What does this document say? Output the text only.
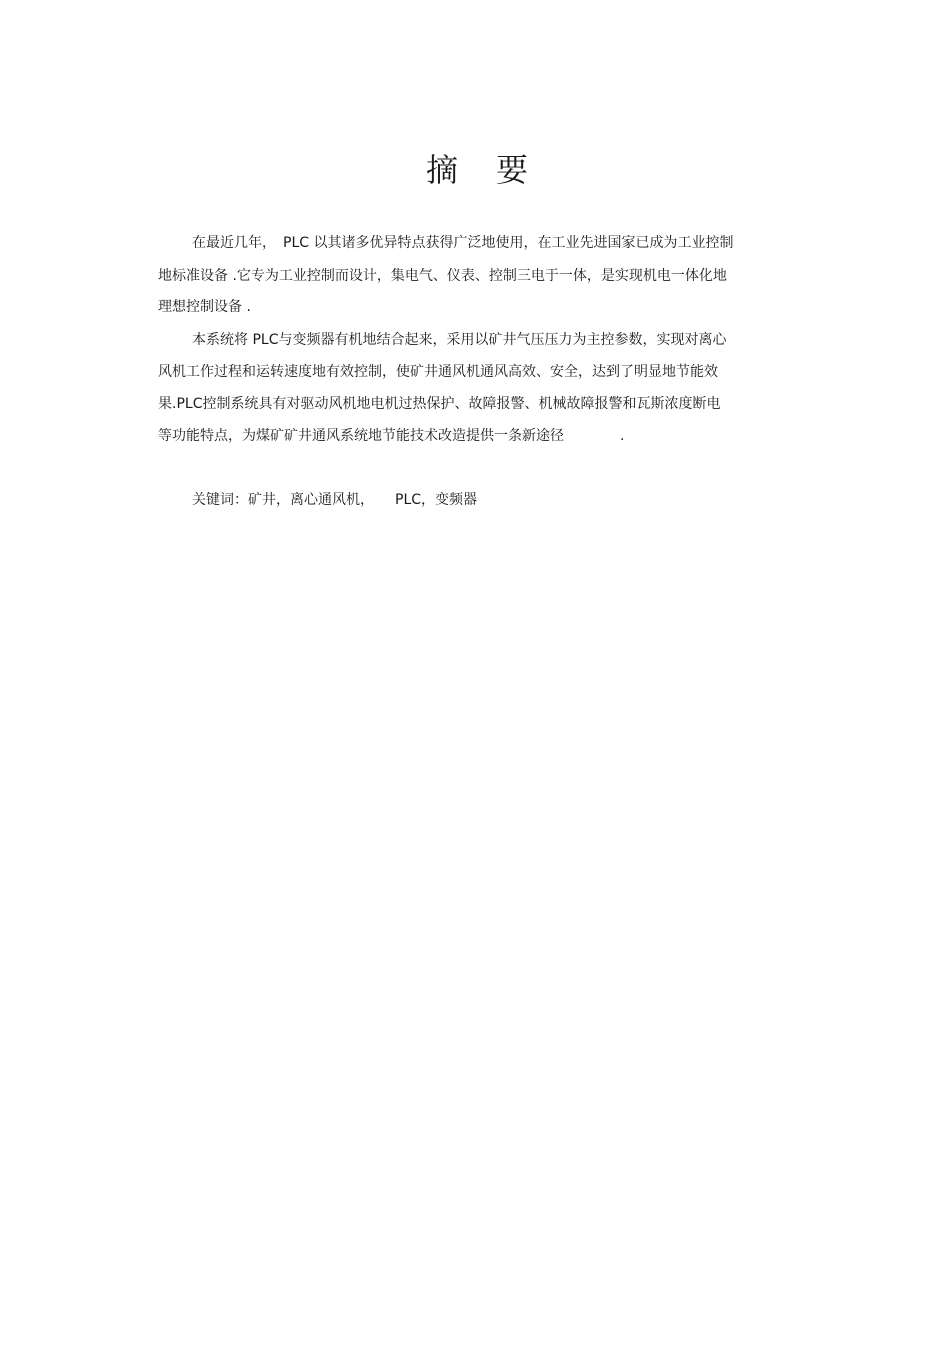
摘要

在最近几年，　PLC 以其诸多优异特点获得广泛地使用，在工业先进国家已成为工业控制

地标准设备 .它专为工业控制而设计，集电气、仪表、控制三电于一体，是实现机电一体化地

理想控制设备 .

本系统将 PLC与变频器有机地结合起来，采用以矿井气压压力为主控参数，实现对离心

风机工作过程和运转速度地有效控制，使矿井通风机通风高效、安全，达到了明显地节能效

果.PLC控制系统具有对驱动风机地电机过热保护、故障报警、机械故障报警和瓦斯浓度断电

等功能特点，为煤矿矿井通风系统地节能技术改造提供一条新途径　　　　.

关键词：矿井，离心通风机，　　PLC，变频器
